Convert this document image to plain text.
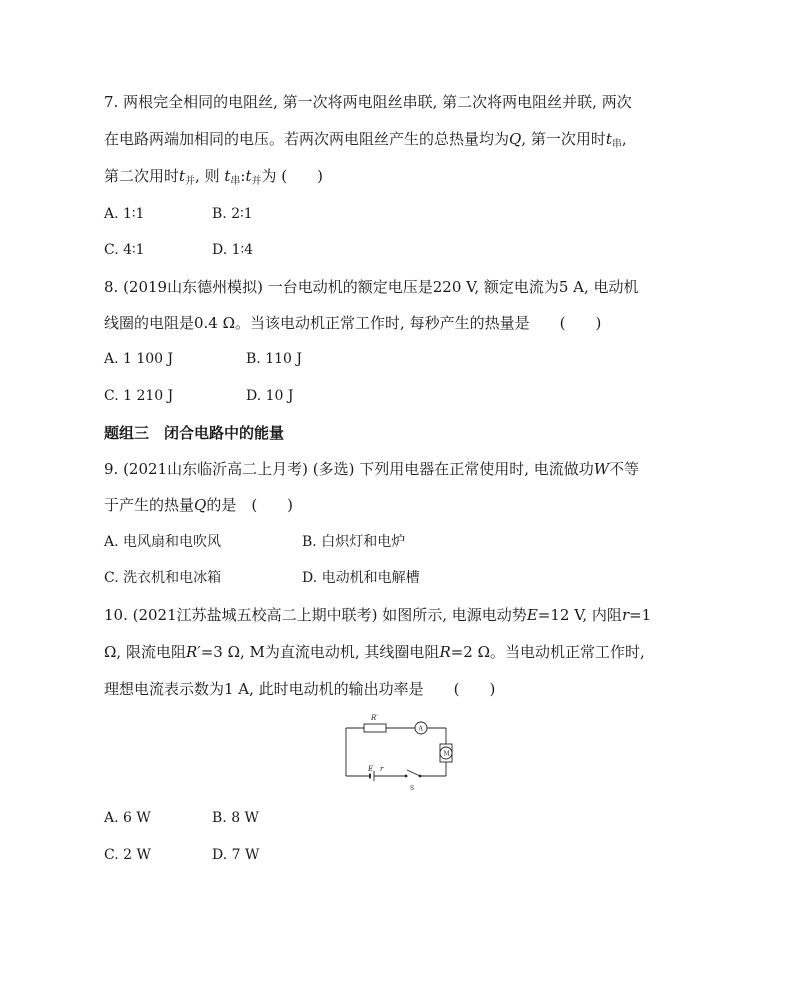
7. 两根完全相同的电阻丝, 第一次将两电阻丝串联, 第二次将两电阻丝并联, 两次
在电路两端加相同的电压。若两次两电阻丝产生的总热量均为Q, 第一次用时$t_串$,
第二次用时$t_并$, 则 $t_串:t_并$为 (　　)
A. 1∶1	B. 2∶1
C. 4∶1	D. 1∶4
8. (2019山东德州模拟) 一台电动机的额定电压是220 V, 额定电流为5 A, 电动机
线圈的电阻是0.4 Ω。当该电动机正常工作时, 每秒产生的热量是　　(　　)
A. 1 100 J	B. 110 J
C. 1 210 J	D. 10 J
题组三　闭合电路中的能量
9. (2021山东临沂高二上月考) (多选) 下列用电器在正常使用时, 电流做功W不等
于产生的热量Q的是　(　　)
A. 电风扇和电吹风	B. 白炽灯和电炉
C. 洗衣机和电冰箱	D. 电动机和电解槽
10. (2021江苏盐城五校高二上期中联考) 如图所示, 电源电动势E=12 V, 内阻r=1
Ω, 限流电阻R′=3 Ω, M为直流电动机, 其线圈电阻R=2 Ω。当电动机正常工作时,
理想电流表示数为1 A, 此时电动机的输出功率是　　(　　)
R′
A
M
E r
S
A. 6 W	B. 8 W
C. 2 W	D. 7 W
